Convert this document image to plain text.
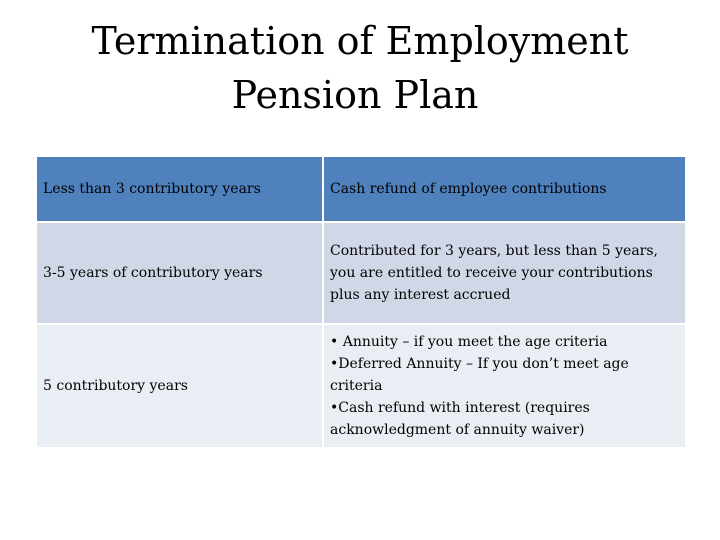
Termination of Employment
Pension Plan
Less than 3 contributory years	Cash refund of employee contributions
3-5 years of contributory years	Contributed for 3 years, but less than 5 years, you are entitled to receive your contributions plus any interest accrued
5 contributory years	• Annuity – if you meet the age criteria
•Deferred Annuity – If you don’t meet age criteria
•Cash refund with interest (requires acknowledgment of annuity waiver)
